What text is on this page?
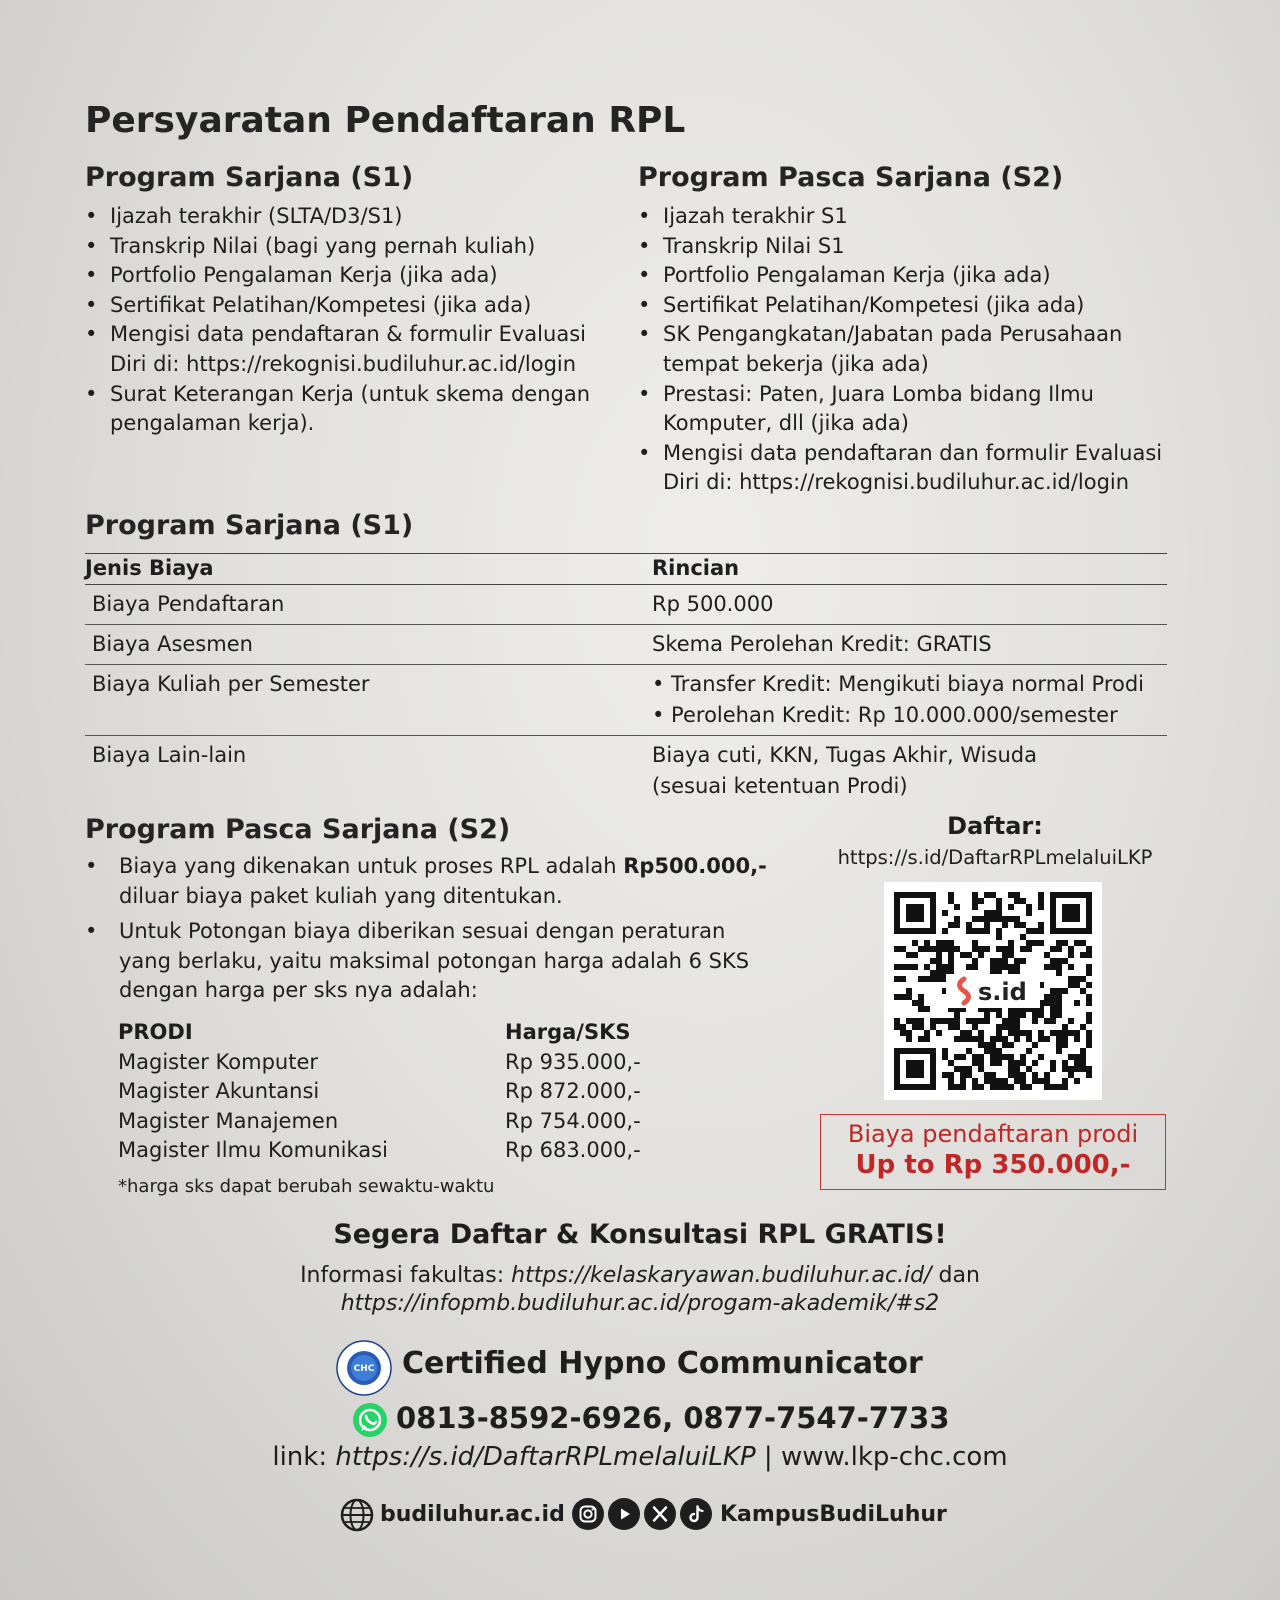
Persyaratan Pendaftaran RPL
Program Sarjana (S1)
• Ijazah terakhir (SLTA/D3/S1)
• Transkrip Nilai (bagi yang pernah kuliah)
• Portfolio Pengalaman Kerja (jika ada)
• Sertifikat Pelatihan/Kompetesi (jika ada)
• Mengisi data pendaftaran & formulir Evaluasi Diri di: https://rekognisi.budiluhur.ac.id/login
• Surat Keterangan Kerja (untuk skema dengan pengalaman kerja).
Program Pasca Sarjana (S2)
• Ijazah terakhir S1
• Transkrip Nilai S1
• Portfolio Pengalaman Kerja (jika ada)
• Sertifikat Pelatihan/Kompetesi (jika ada)
• SK Pengangkatan/Jabatan pada Perusahaan tempat bekerja (jika ada)
• Prestasi: Paten, Juara Lomba bidang Ilmu Komputer, dll (jika ada)
• Mengisi data pendaftaran dan formulir Evaluasi Diri di: https://rekognisi.budiluhur.ac.id/login
Program Sarjana (S1)
Jenis Biaya	Rincian
Biaya Pendaftaran	Rp 500.000

Biaya Asesmen	Skema Perolehan Kredit: GRATIS

Biaya Kuliah per Semester	• Transfer Kredit: Mengikuti biaya normal Prodi
• Perolehan Kredit: Rp 10.000.000/semester

Biaya Lain-lain	Biaya cuti, KKN, Tugas Akhir, Wisuda
(sesuai ketentuan Prodi)
Program Pasca Sarjana (S2)
• Biaya yang dikenakan untuk proses RPL adalah Rp500.000,- diluar biaya paket kuliah yang ditentukan.
• Untuk Potongan biaya diberikan sesuai dengan peraturan yang berlaku, yaitu maksimal potongan harga adalah 6 SKS dengan harga per sks nya adalah:
PRODI	Harga/SKS
Magister Komputer	Rp 935.000,-
Magister Akuntansi	Rp 872.000,-
Magister Manajemen	Rp 754.000,-
Magister Ilmu Komunikasi	Rp 683.000,-
*harga sks dapat berubah sewaktu-waktu
Daftar:
https://s.id/DaftarRPLmelaluiLKP
s.id
Biaya pendaftaran prodi
Up to Rp 350.000,-
Segera Daftar & Konsultasi RPL GRATIS!
Informasi fakultas: https://kelaskaryawan.budiluhur.ac.id/ dan
https://infopmb.budiluhur.ac.id/progam-akademik/#s2
CHC Certified Hypno Communicator
0813-8592-6926, 0877-7547-7733
link: https://s.id/DaftarRPLmelaluiLKP | www.lkp-chc.com
budiluhur.ac.id	KampusBudiLuhur
